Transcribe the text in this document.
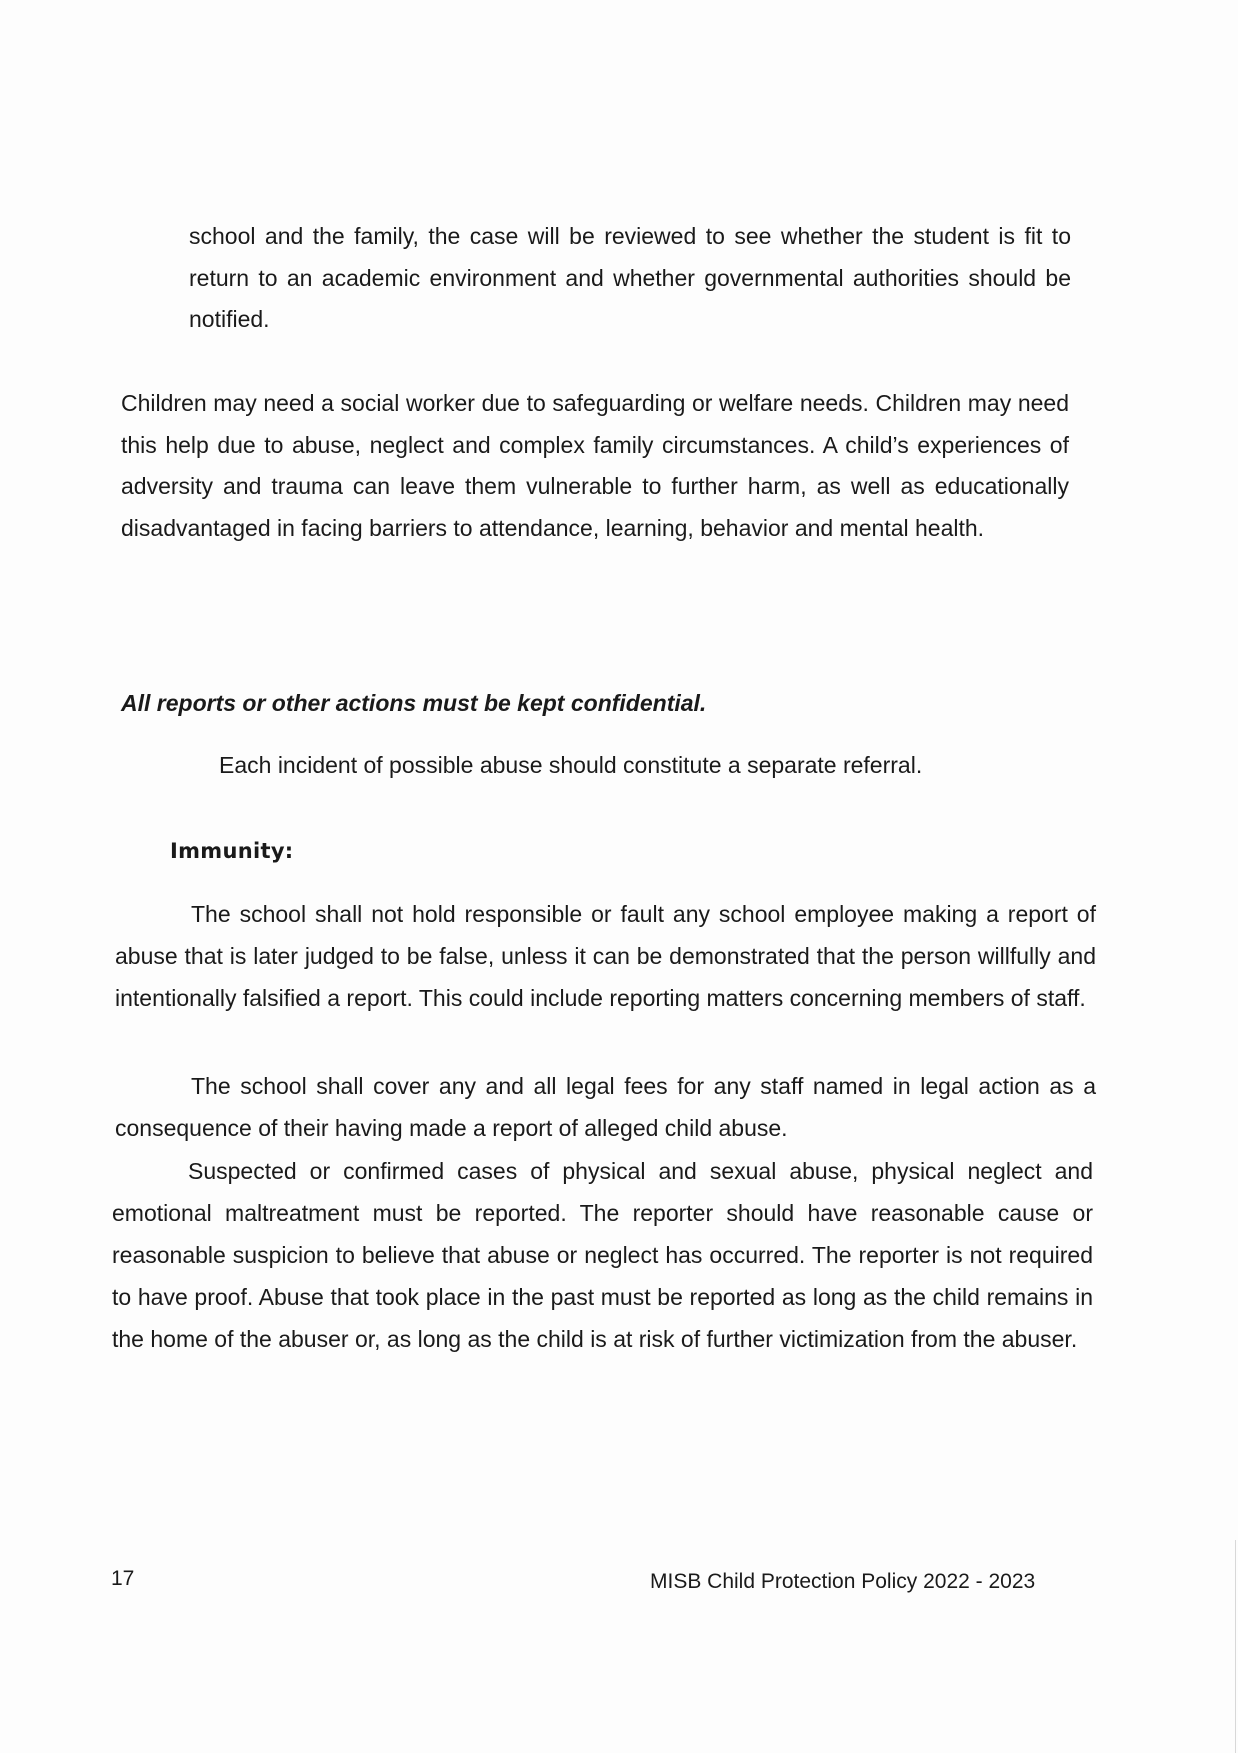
school and the family, the case will be reviewed to see whether the student is fit to return to an academic environment and whether governmental authorities should be notified.

Children may need a social worker due to safeguarding or welfare needs. Children may need this help due to abuse, neglect and complex family circumstances. A child’s experiences of adversity and trauma can leave them vulnerable to further harm, as well as educationally disadvantaged in facing barriers to attendance, learning, behavior and mental health.

All reports or other actions must be kept confidential.

Each incident of possible abuse should constitute a separate referral.

Immunity:

The school shall not hold responsible or fault any school employee making a report of abuse that is later judged to be false, unless it can be demonstrated that the person willfully and intentionally falsified a report. This could include reporting matters concerning members of staff.

The school shall cover any and all legal fees for any staff named in legal action as a consequence of their having made a report of alleged child abuse.

Suspected or confirmed cases of physical and sexual abuse, physical neglect and emotional maltreatment must be reported. The reporter should have reasonable cause or reasonable suspicion to believe that abuse or neglect has occurred. The reporter is not required to have proof. Abuse that took place in the past must be reported as long as the child remains in the home of the abuser or, as long as the child is at risk of further victimization from the abuser.

17	MISB Child Protection Policy 2022 - 2023
